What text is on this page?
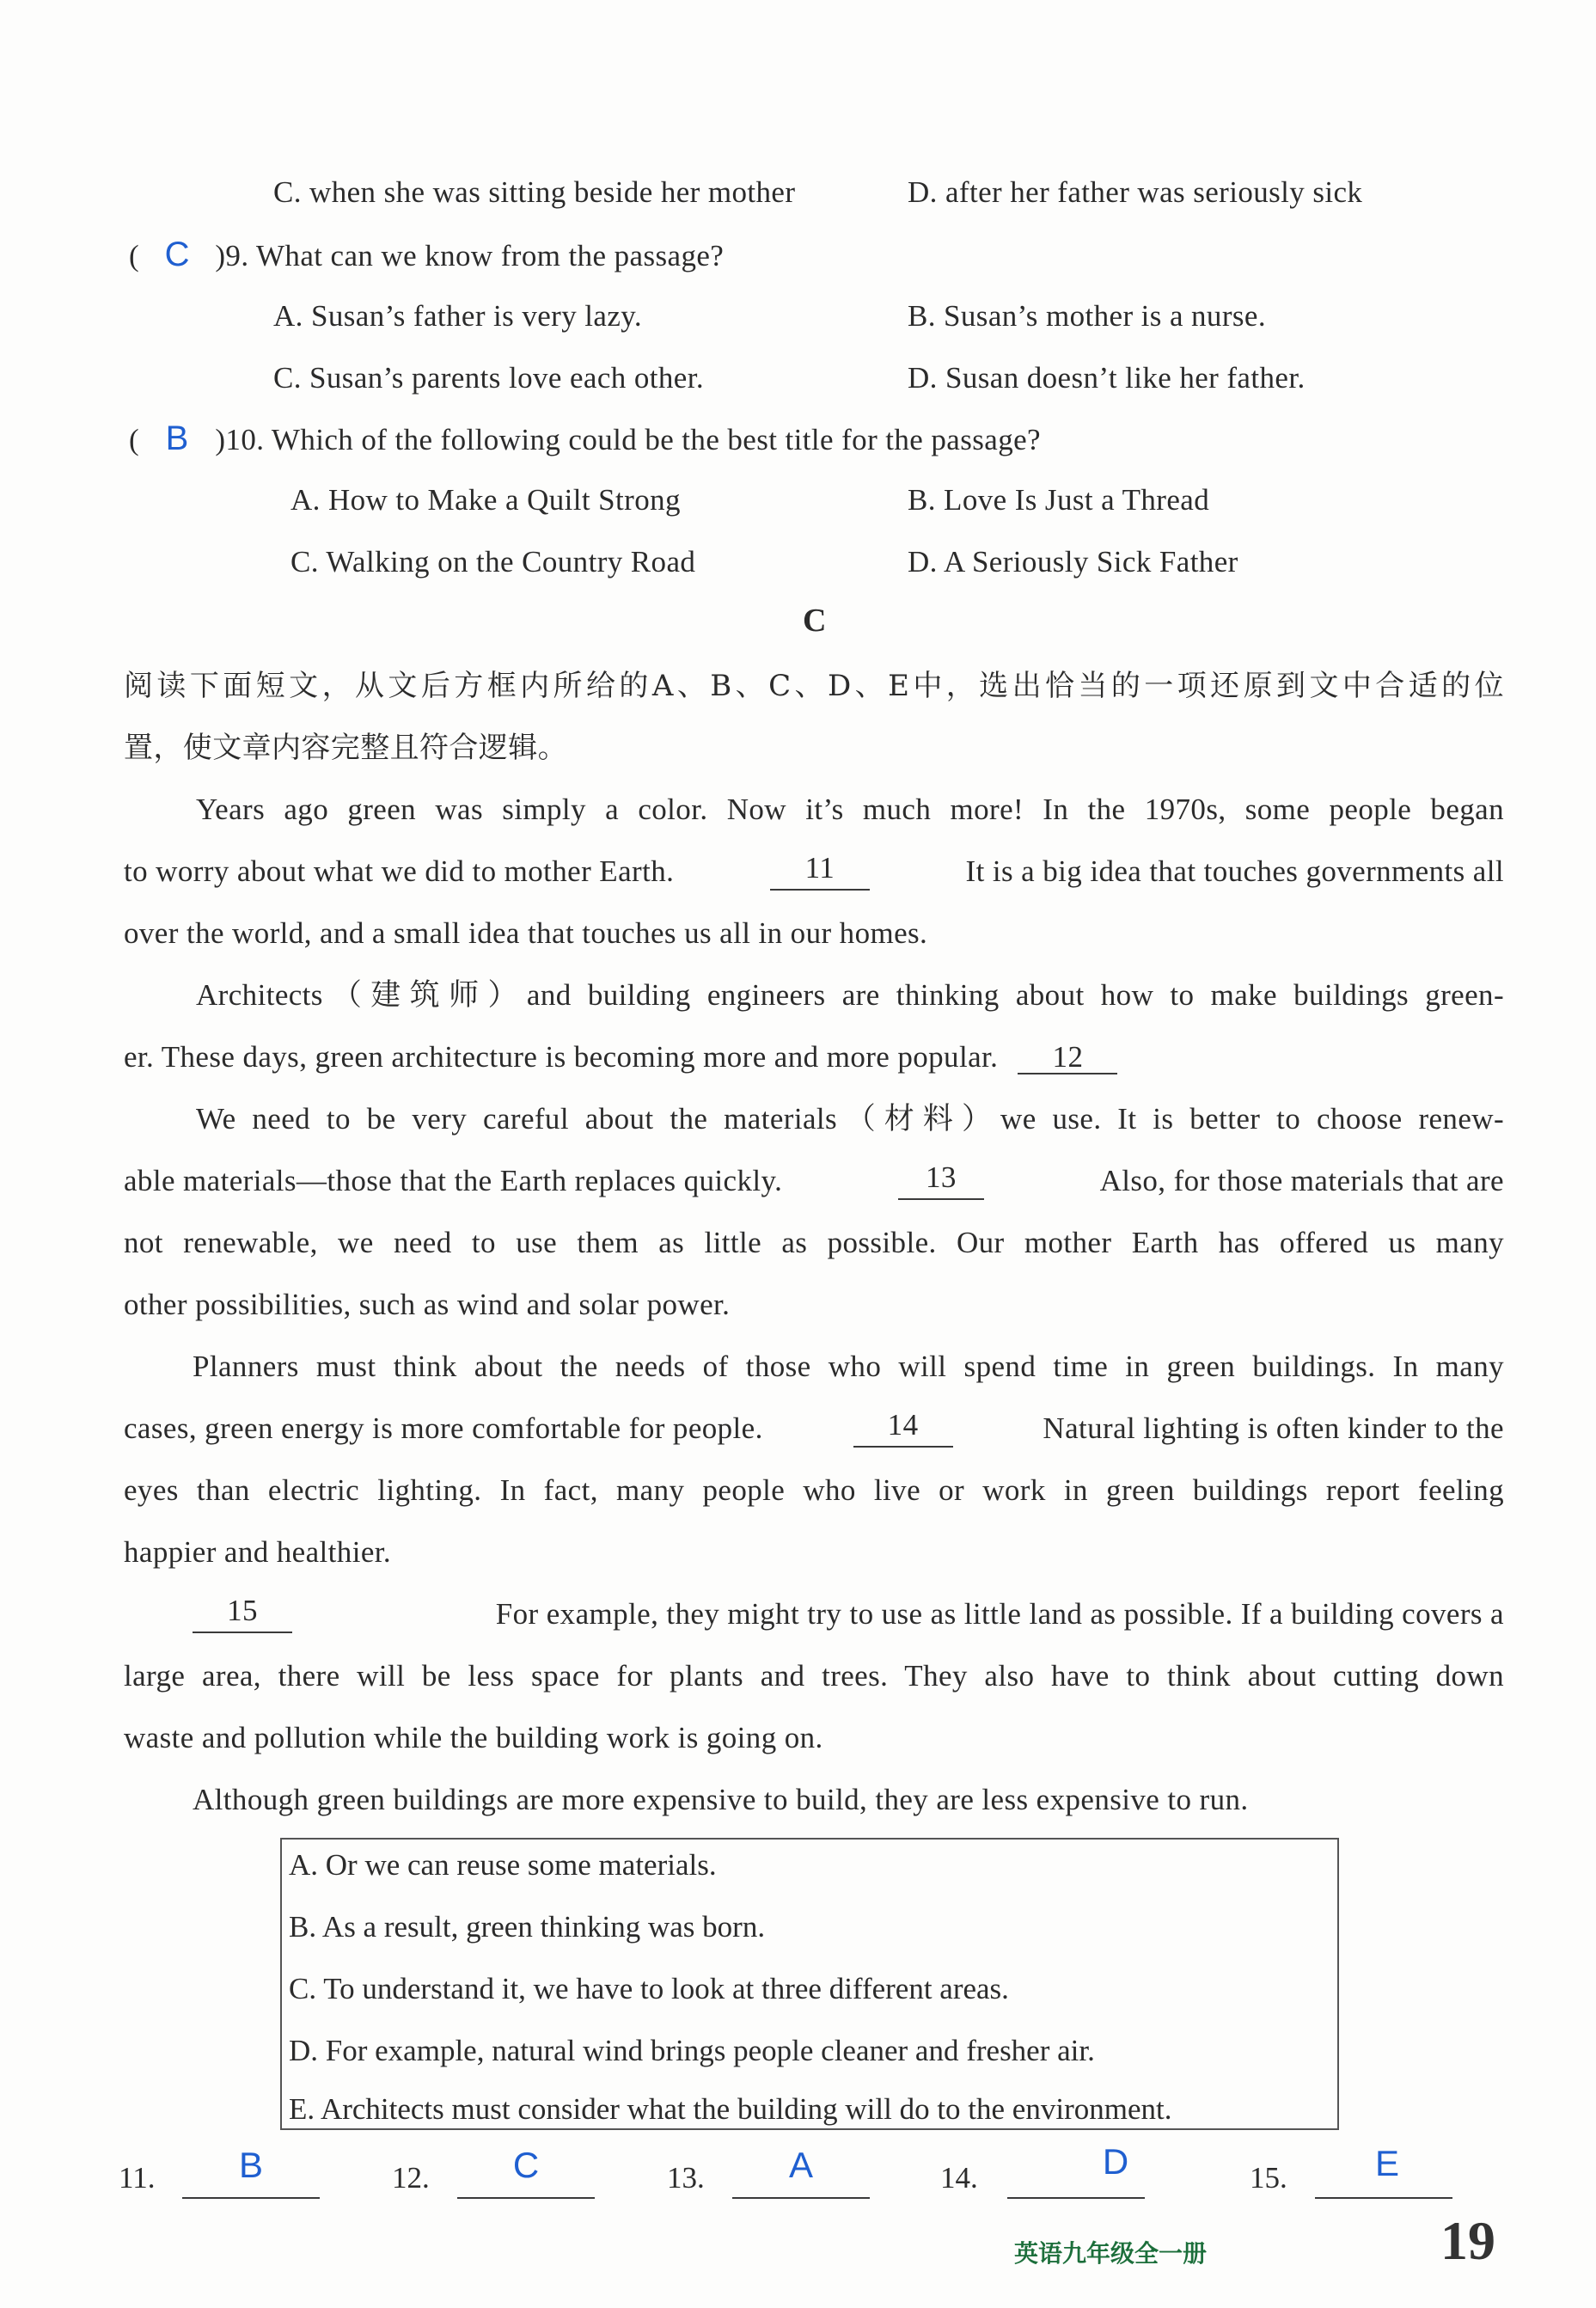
C. when she was sitting beside her mother	D. after her father was seriously sick
( C )9. What can we know from the passage?
A. Susan’s father is very lazy.	B. Susan’s mother is a nurse.
C. Susan’s parents love each other.	D. Susan doesn’t like her father.
( B )10. Which of the following could be the best title for the passage?
A. How to Make a Quilt Strong	B. Love Is Just a Thread
C. Walking on the Country Road	D. A Seriously Sick Father
C
阅读下面短文，从文后方框内所给的A、B、C、D、E中，选出恰当的一项还原到文中合适的位
置，使文章内容完整且符合逻辑。
Years ago green was simply a color. Now it’s much more! In the 1970s, some people began
to worry about what we did to mother Earth.	11	It is a big idea that touches governments all
over the world, and a small idea that touches us all in our homes.
Architects（建筑师）and building engineers are thinking about how to make buildings green-
er. These days, green architecture is becoming more and more popular. 12
We need to be very careful about the materials（材料）we use. It is better to choose renew-
able materials—those that the Earth replaces quickly.	13	Also, for those materials that are
not renewable, we need to use them as little as possible. Our mother Earth has offered us many
other possibilities, such as wind and solar power.
Planners must think about the needs of those who will spend time in green buildings. In many
cases, green energy is more comfortable for people.	14	Natural lighting is often kinder to the
eyes than electric lighting. In fact, many people who live or work in green buildings report feeling
happier and healthier.
15	For example, they might try to use as little land as possible. If a building covers a
large area, there will be less space for plants and trees. They also have to think about cutting down
waste and pollution while the building work is going on.
Although green buildings are more expensive to build, they are less expensive to run.
A. Or we can reuse some materials.
B. As a result, green thinking was born.
C. To understand it, we have to look at three different areas.
D. For example, natural wind brings people cleaner and fresher air.
E. Architects must consider what the building will do to the environment.
11.	B	12.	C	13.	A	14.	D	15.	E
英语九年级全一册	19
